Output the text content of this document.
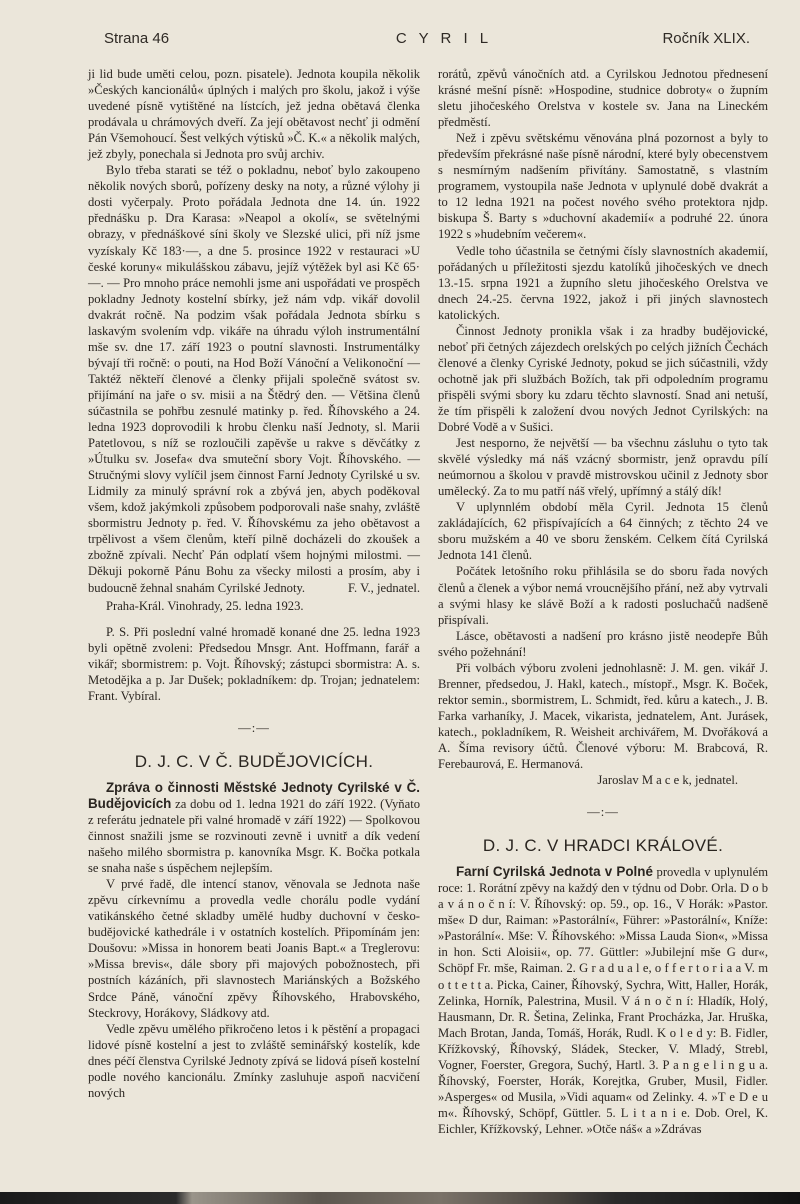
Strana 46	C Y R I L	Ročník XLIX.

ji lid bude uměti celou, pozn. pisatele). Jednota koupila několik »Českých kancionálů« úplných i malých pro školu, jakož i výše uvedené písně vytištěné na lístcích, jež jedna obětavá členka prodávala u chrámových dveří. Za její obětavost nechť ji odmění Pán Všemohoucí. Šest velkých výtisků »Č. K.« a několik malých, jež zbyly, ponechala si Jednota pro svůj archiv.

Bylo třeba starati se též o pokladnu, neboť bylo zakoupeno několik nových sborů, pořízeny desky na noty, a různé výlohy ji dosti vyčerpaly. Proto pořádala Jednota dne 14. ún. 1922 přednášku p. Dra Karasa: »Neapol a okolí«, se světelnými obrazy, v přednáškové síni školy ve Slezské ulici, při níž jsme vyzískaly Kč 183·—, a dne 5. prosince 1922 v restauraci »U české koruny« mikulášskou zábavu, jejíž výtěžek byl asi Kč 65·—. — Pro mnoho práce nemohli jsme ani uspořádati ve prospěch pokladny Jednoty kostelní sbírky, jež nám vdp. vikář dovolil dvakrát ročně. Na podzim však pořádala Jednota sbírku s laskavým svolením vdp. vikáře na úhradu výloh instrumentální mše sv. dne 17. září 1923 o poutní slavnosti. Instrumentálky bývají tři ročně: o pouti, na Hod Boží Vánoční a Velikonoční — Taktéž někteří členové a členky přijali společně svátost sv. přijímání na jaře o sv. misii a na Štědrý den. — Většina členů súčastnila se pohřbu zesnulé matinky p. řed. Říhovského a 24. ledna 1923 doprovodili k hrobu členku naší Jednoty, sl. Marii Patetlovou, s níž se rozloučili zapěvše u rakve s děvčátky z »Útulku sv. Josefa« dva smuteční sbory Vojt. Říhovského. — Stručnými slovy vylíčil jsem činnost Farní Jednoty Cyrilské u sv. Lidmily za minulý správní rok a zbývá jen, abych poděkoval všem, kdož jakýmkoli způsobem podporovali naše snahy, zvláště sbormistru Jednoty p. řed. V. Říhovskému za jeho obětavost a trpělivost a všem členům, kteří pilně docházeli do zkoušek a zbožně zpívali. Nechť Pán odplatí všem hojnými milostmi. — Děkuji pokorně Pánu Bohu za všecky milosti a prosím, aby i budoucně žehnal snahám Cyrilské Jednoty.	F. V., jednatel.

Praha-Král. Vinohrady, 25. ledna 1923.

P. S. Při poslední valné hromadě konané dne 25. ledna 1923 byli opětně zvoleni: Předsedou Mnsgr. Ant. Hoffmann, farář a vikář; sbormistrem: p. Vojt. Říhovský; zástupci sbormistra: A. s. Metodějka a p. Jar Dušek; pokladníkem: dp. Trojan; jednatelem: Frant. Vybíral.

—:—
D. J. C. V Č. BUDĚJOVICÍCH.

Zpráva o činnosti Městské Jednoty Cyrilské v Č. Budějovicích za dobu od 1. ledna 1921 do září 1922. (Vyňato z referátu jednatele při valné hromadě v září 1922) — Spolkovou činnost snažili jsme se rozvinouti zevně i uvnitř a dík vedení našeho milého sbormistra p. kanovníka Msgr. K. Bočka potkala se snaha naše s úspěchem nejlepším.

V prvé řadě, dle intencí stanov, věnovala se Jednota naše zpěvu církevnímu a provedla vedle chorálu podle vydání vatikánského četné skladby umělé hudby duchovní v česko-budějovické kathedrále i v ostatních kostelích. Připomínám jen: Doušovu: »Missa in honorem beati Joanis Bapt.« a Treglerovu: »Missa brevis«, dále sbory při majových pobožnostech, při postních kázáních, při slavnostech Mariánských a Božského Srdce Páně, vánoční zpěvy Říhovského, Hrabovského, Steckrovy, Horákovy, Sládkovy atd.

Vedle zpěvu umělého přikročeno letos i k pěstění a propagaci lidové písně kostelní a jest to zvláště seminářský kostelík, kde dnes péčí členstva Cyrilské Jednoty zpívá se lidová píseň kostelní podle nového kancionálu. Zmínky zasluhuje aspoň nacvičení nových

rorátů, zpěvů vánočních atd. a Cyrilskou Jednotou přednesení krásné mešní písně: »Hospodine, studnice dobroty« o župním sletu jihočeského Orelstva v kostele sv. Jana na Lineckém předměstí.

Než i zpěvu světskému věnována plná pozornost a byly to především překrásné naše písně národní, které byly obecenstvem s nesmírným nadšením přivítány. Samostatně, s vlastním programem, vystoupila naše Jednota v uplynulé době dvakrát a to 12 ledna 1921 na počest nového svého protektora njdp. biskupa Š. Barty s »duchovní akademií« a podruhé 22. února 1922 s »hudebním večerem«.

Vedle toho účastnila se četnými čísly slavnostních akademií, pořádaných u příležitosti sjezdu katolíků jihočeských ve dnech 13.-15. srpna 1921 a župního sletu jihočeského Orelstva ve dnech 24.-25. června 1922, jakož i při jiných slavnostech katolických.

Činnost Jednoty pronikla však i za hradby budějovické, neboť při četných zájezdech orelských po celých jižních Čechách členové a členky Cyriské Jednoty, pokud se jich súčastnili, vždy ochotně jak při službách Božích, tak při odpoledním programu přispěli svými sbory ku zdaru těchto slavností. Snad ani netuší, že tím přispěli k založení dvou nových Jednot Cyrilských: na Dobré Vodě a v Sušici.

Jest nesporno, že největší — ba všechnu zásluhu o tyto tak skvělé výsledky má náš vzácný sbormistr, jenž opravdu pílí neúmornou a školou v pravdě mistrovskou učinil z Jednoty sbor umělecký. Za to mu patří náš vřelý, upřímný a stálý dík!

V uplynnlém období měla Cyril. Jednota 15 členů zakládajících, 62 přispívajících a 64 činných; z těchto 24 ve sboru mužském a 40 ve sboru ženském. Celkem čítá Cyrilská Jednota 141 členů.

Počátek letošního roku přihlásila se do sboru řada nových členů a členek a výbor nemá vroucnějšího přání, než aby vytrvali a svými hlasy ke slávě Boží a k radosti posluchačů nadšeně přispívali.

Lásce, obětavosti a nadšení pro krásno jistě neodepře Bůh svého požehnání!

Při volbách výboru zvoleni jednohlasně: J. M. gen. vikář J. Brenner, předsedou, J. Hakl, katech., místopř., Msgr. K. Boček, rektor semin., sbormistrem, L. Schmidt, řed. kůru a katech., J. B. Farka varhaníky, J. Macek, vikarista, jednatelem, Ant. Jurásek, katech., pokladníkem, R. Weisheit archivářem, M. Dvořáková a A. Šíma revisory účtů. Členové výboru: M. Brabcová, R. Ferebaurová, E. Hermanová.

Jaroslav M a c e k, jednatel.

—:—
D. J. C. V HRADCI KRÁLOVÉ.

Farní Cyrilská Jednota v Polné provedla v uplynulém roce: 1. Rorátní zpěvy na každý den v týdnu od Dobr. Orla. D o b a v á n o č n í: V. Říhovský: op. 59., op. 16., V Horák: »Pastor. mše« D dur, Raiman: »Pastorální«, Führer: »Pastorální«, Kníže: »Pastorální«. Mše: V. Říhovského: »Missa Lauda Sion«, »Missa in hon. Scti Aloisii«, op. 77. Güttler: »Jubilejní mše G dur«, Schöpf Fr. mše, Raiman. 2. G r a d u a l e, o f f e r t o r i a a V. m o t t e t t a. Picka, Cainer, Říhovský, Sychra, Witt, Haller, Horák, Zelinka, Horník, Palestrina, Musil. V á n o č n í: Hladík, Holý, Hausmann, Dr. R. Šetina, Zelinka, Frant Procházka, Jar. Hruška, Mach Brotan, Janda, Tomáš, Horák, Rudl. K o l e d y: B. Fidler, Křížkovský, Říhovský, Sládek, Stecker, V. Mladý, Strebl, Vogner, Foerster, Gregora, Suchý, Hartl. 3. P a n g e l i n g u a. Říhovský, Foerster, Horák, Korejtka, Gruber, Musil, Fidler. »Asperges« od Musila, »Vidi aquam« od Zelinky. 4. »T e D e u m«. Říhovský, Schöpf, Güttler. 5. L i t a n i e. Dob. Orel, K. Eichler, Křížkovský, Lehner. »Otče náš« a »Zdrávas
